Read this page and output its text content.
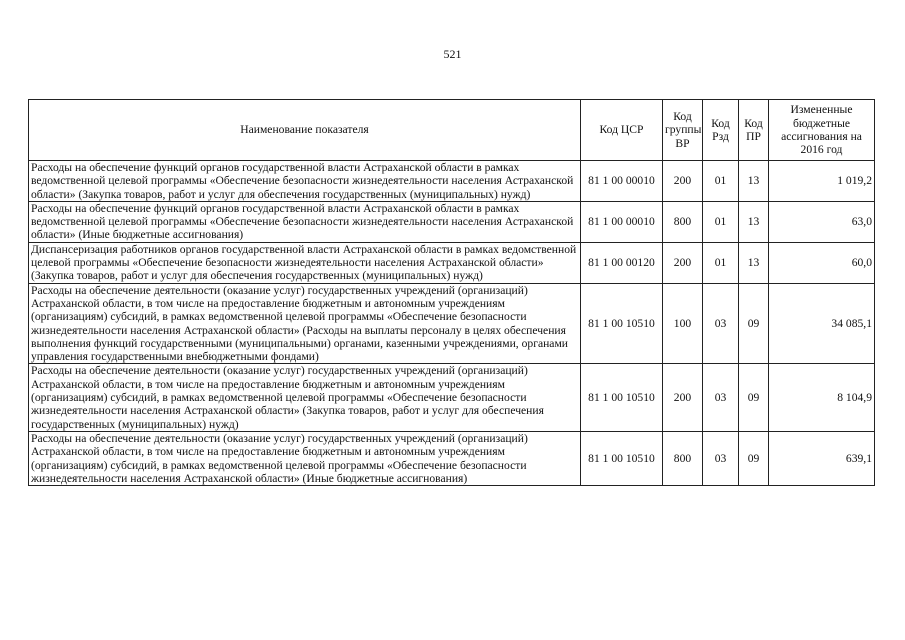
521
Наименование показателя	Код ЦСР	Код группы ВР	Код Рзд	Код ПР	Измененные бюджетные ассигнования на 2016 год
Расходы на обеспечение функций органов государственной власти Астраханской области в рамках ведомственной целевой программы «Обеспечение безопасности жизнедеятельности населения Астраханской области» (Закупка товаров, работ и услуг для обеспечения государственных (муниципальных) нужд)	81 1 00 00010	200	01	13	1 019,2
Расходы на обеспечение функций органов государственной власти Астраханской области в рамках ведомственной целевой программы «Обеспечение безопасности жизнедеятельности населения Астраханской области» (Иные бюджетные ассигнования)	81 1 00 00010	800	01	13	63,0
Диспансеризация работников органов государственной власти Астраханской области в рамках ведомственной целевой программы «Обеспечение безопасности жизнедеятельности населения Астраханской области» (Закупка товаров, работ и услуг для обеспечения государственных (муниципальных) нужд)	81 1 00 00120	200	01	13	60,0
Расходы на обеспечение деятельности (оказание услуг) государственных учреждений (организаций) Астраханской области, в том числе на предоставление бюджетным и автономным учреждениям (организациям) субсидий, в рамках ведомственной целевой программы «Обеспечение безопасности жизнедеятельности населения Астраханской области» (Расходы на выплаты персоналу в целях обеспечения выполнения функций государственными (муниципальными) органами, казенными учреждениями, органами управления государственными внебюджетными фондами)	81 1 00 10510	100	03	09	34 085,1
Расходы на обеспечение деятельности (оказание услуг) государственных учреждений (организаций) Астраханской области, в том числе на предоставление бюджетным и автономным учреждениям (организациям) субсидий, в рамках ведомственной целевой программы «Обеспечение безопасности жизнедеятельности населения Астраханской области» (Закупка товаров, работ и услуг для обеспечения государственных (муниципальных) нужд)	81 1 00 10510	200	03	09	8 104,9
Расходы на обеспечение деятельности (оказание услуг) государственных учреждений (организаций) Астраханской области, в том числе на предоставление бюджетным и автономным учреждениям (организациям) субсидий, в рамках ведомственной целевой программы «Обеспечение безопасности жизнедеятельности населения Астраханской области» (Иные бюджетные ассигнования)	81 1 00 10510	800	03	09	639,1
